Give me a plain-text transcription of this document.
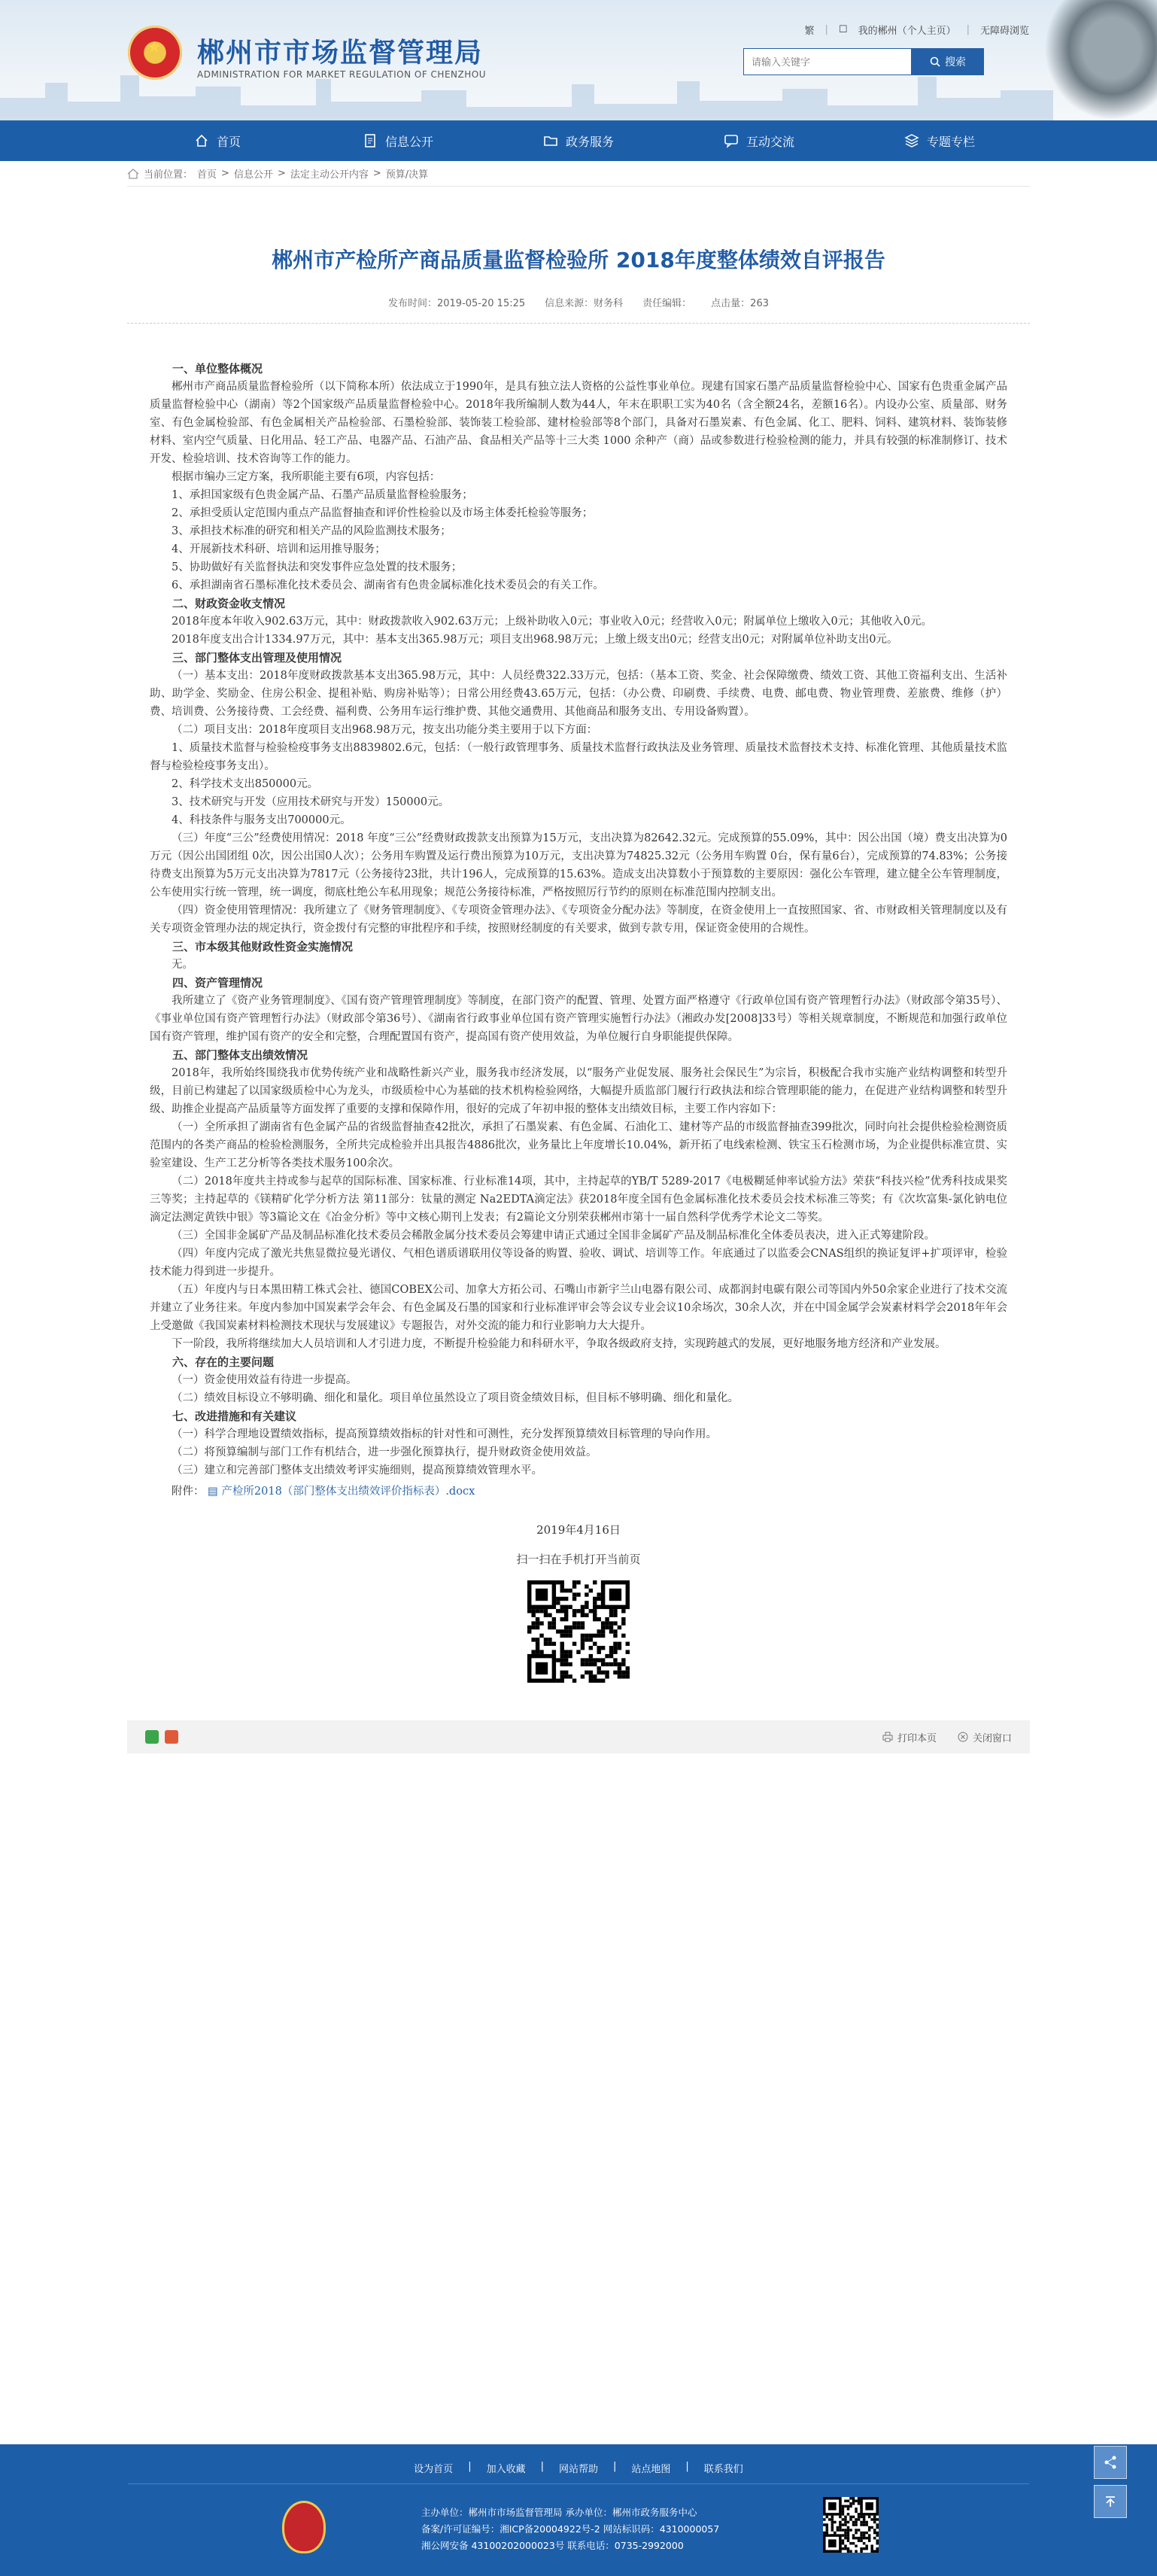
★ 郴州市市场监督管理局
ADMINISTRATION FOR MARKET REGULATION OF CHENZHOU
繁 | ☐ 我的郴州（个人主页） | 无障碍浏览
请输入关键字
搜索
首页	信息公开	政务服务	互动交流	专题专栏
当前位置： 首页 > 信息公开 > 法定主动公开内容 > 预算/决算
郴州市产检所产商品质量监督检验所 2018年度整体绩效自评报告
发布时间：2019-05-20 15:25 信息来源：财务科 责任编辑： 点击量：263

一、单位整体概况

郴州市产商品质量监督检验所（以下简称本所）依法成立于1990年，是具有独立法人资格的公益性事业单位。现建有国家石墨产品质量监督检验中心、国家有色贵重金属产品质量监督检验中心（湖南）等2个国家级产品质量监督检验中心。2018年我所编制人数为44人，年末在职职工实为40名（含全额24名，差额16名）。内设办公室、质量部、财务室、有色金属检验部、有色金属相关产品检验部、石墨检验部、装饰装工检验部、建材检验部等8个部门，具备对石墨炭素、有色金属、化工、肥料、饲料、建筑材料、装饰装修材料、室内空气质量、日化用品、轻工产品、电器产品、石油产品、食品相关产品等十三大类 1000 余种产（商）品或参数进行检验检测的能力，并具有较强的标准制修订、技术开发、检验培训、技术咨询等工作的能力。

根据市编办三定方案，我所职能主要有6项，内容包括：

1、承担国家级有色贵金属产品、石墨产品质量监督检验服务；

2、承担受质认定范围内重点产品监督抽查和评价性检验以及市场主体委托检验等服务；

3、承担技术标准的研究和相关产品的风险监测技术服务；

4、开展新技术科研、培训和运用推导服务；

5、协助做好有关监督执法和突发事件应急处置的技术服务；

6、承担湖南省石墨标准化技术委员会、湖南省有色贵金属标准化技术委员会的有关工作。

二、财政资金收支情况

2018年度本年收入902.63万元，其中：财政拨款收入902.63万元；上级补助收入0元；事业收入0元；经营收入0元；附属单位上缴收入0元；其他收入0元。

2018年度支出合计1334.97万元，其中：基本支出365.98万元；项目支出968.98万元；上缴上级支出0元；经营支出0元；对附属单位补助支出0元。

三、部门整体支出管理及使用情况

（一）基本支出：2018年度财政拨款基本支出365.98万元，其中：人员经费322.33万元，包括：（基本工资、奖金、社会保障缴费、绩效工资、其他工资福利支出、生活补助、助学金、奖励金、住房公积金、提租补贴、购房补贴等）；日常公用经费43.65万元，包括：（办公费、印刷费、手续费、电费、邮电费、物业管理费、差旅费、维修（护）费、培训费、公务接待费、工会经费、福利费、公务用车运行维护费、其他交通费用、其他商品和服务支出、专用设备购置）。

（二）项目支出：2018年度项目支出968.98万元，按支出功能分类主要用于以下方面：

1、质量技术监督与检验检疫事务支出8839802.6元，包括：（一般行政管理事务、质量技术监督行政执法及业务管理、质量技术监督技术支持、标准化管理、其他质量技术监督与检验检疫事务支出）。

2、科学技术支出850000元。

3、技术研究与开发（应用技术研究与开发）150000元。

4、科技条件与服务支出700000元。

（三）年度“三公”经费使用情况：2018 年度“三公”经费财政拨款支出预算为15万元，支出决算为82642.32元。完成预算的55.09%，其中：因公出国（境）费支出决算为0万元（因公出国团组 0次，因公出国0人次）；公务用车购置及运行费出预算为10万元，支出决算为74825.32元（公务用车购置 0台，保有量6台），完成预算的74.83%；公务接待费支出预算为5万元支出决算为7817元（公务接待23批，共计196人，完成预算的15.63%。造成支出决算数小于预算数的主要原因：强化公车管理，建立健全公车管理制度，公车使用实行统一管理，统一调度，彻底杜绝公车私用现象；规范公务接待标准，严格按照厉行节约的原则在标准范围内控制支出。

（四）资金使用管理情况：我所建立了《财务管理制度》、《专项资金管理办法》、《专项资金分配办法》等制度，在资金使用上一直按照国家、省、市财政相关管理制度以及有关专项资金管理办法的规定执行，资金拨付有完整的审批程序和手续，按照财经制度的有关要求，做到专款专用，保证资金使用的合规性。

三、市本级其他财政性资金实施情况

无。

四、资产管理情况

我所建立了《资产业务管理制度》、《国有资产管理管理制度》等制度，在部门资产的配置、管理、处置方面严格遵守《行政单位国有资产管理暂行办法》（财政部令第35号）、《事业单位国有资产管理暂行办法》（财政部令第36号）、《湖南省行政事业单位国有资产管理实施暂行办法》（湘政办发[2008]33号）等相关规章制度，不断规范和加强行政单位国有资产管理，维护国有资产的安全和完整，合理配置国有资产，提高国有资产使用效益，为单位履行自身职能提供保障。

五、部门整体支出绩效情况

2018年，我所始终围绕我市优势传统产业和战略性新兴产业，服务我市经济发展，以“服务产业促发展、服务社会保民生”为宗旨，积极配合我市实施产业结构调整和转型升级，目前已构建起了以国家级质检中心为龙头，市级质检中心为基础的技术机构检验网络，大幅提升质监部门履行行政执法和综合管理职能的能力，在促进产业结构调整和转型升级、助推企业提高产品质量等方面发挥了重要的支撑和保障作用，很好的完成了年初申报的整体支出绩效目标，主要工作内容如下：

（一）全所承担了湖南省有色金属产品的省级监督抽查42批次，承担了石墨炭素、有色金属、石油化工、建材等产品的市级监督抽查399批次，同时向社会提供检验检测资质范围内的各类产商品的检验检测服务，全所共完成检验并出具报告4886批次，业务量比上年度增长10.04%，新开拓了电线索检测、铁宝玉石检测市场，为企业提供标准宣贯、实验室建设、生产工艺分析等各类技术服务100余次。

（二）2018年度共主持或参与起草的国际标准、国家标准、行业标准14项，其中，主持起草的YB/T 5289-2017《电极糊延伸率试验方法》荣获“科技兴检”优秀科技成果奖三等奖；主持起草的《镁精矿化学分析方法 第11部分：钛量的测定 Na2EDTA滴定法》获2018年度全国有色金属标准化技术委员会技术标准三等奖；有《次坎富集-氯化钠电位滴定法测定黄铁中银》等3篇论文在《冶金分析》等中文核心期刊上发表；有2篇论文分别荣获郴州市第十一届自然科学优秀学术论文二等奖。

（三）全国非金属矿产品及制品标准化技术委员会稀散金属分技术委员会筹建申请正式通过全国非金属矿产品及制品标准化全体委员表决，进入正式筹建阶段。

（四）年度内完成了激光共焦显微拉曼光谱仪、气相色谱质谱联用仪等设备的购置、验收、调试、培训等工作。年底通过了以监委会CNAS组织的换证复评+扩项评审，检验技术能力得到进一步提升。

（五）年度内与日本黑田精工株式会社、德国COBEX公司、加拿大方拓公司、石嘴山市新宇兰山电器有限公司、成都润封电碳有限公司等国内外50余家企业进行了技术交流并建立了业务往来。年度内参加中国炭素学会年会、有色金属及石墨的国家和行业标准评审会等会议专业会议10余场次，30余人次，并在中国金属学会炭素材料学会2018年年会上受邀做《我国炭素材料检测技术现状与发展建议》专题报告，对外交流的能力和行业影响力大大提升。

下一阶段，我所将继续加大人员培训和人才引进力度，不断提升检验能力和科研水平，争取各级政府支持，实现跨越式的发展，更好地服务地方经济和产业发展。

六、存在的主要问题

（一）资金使用效益有待进一步提高。

（二）绩效目标设立不够明确、细化和量化。项目单位虽然设立了项目资金绩效目标，但目标不够明确、细化和量化。

七、改进措施和有关建议

（一）科学合理地设置绩效指标，提高预算绩效指标的针对性和可测性，充分发挥预算绩效目标管理的导向作用。

（二）将预算编制与部门工作有机结合，进一步强化预算执行，提升财政资金使用效益。

（三）建立和完善部门整体支出绩效考评实施细则，提高预算绩效管理水平。

附件： ▤ 产检所2018（部门整体支出绩效评价指标表）.docx

2019年4月16日
扫一扫在手机打开当前页
打印本页	关闭窗口
设为首页 | 加入收藏 | 网站帮助 | 站点地图 | 联系我们
主办单位：郴州市市场监督管理局 承办单位：郴州市政务服务中心
备案/许可证编号：湘ICP备20004922号-2 网站标识码：4310000057
湘公网安备 43100202000023号 联系电话：0735-2992000
